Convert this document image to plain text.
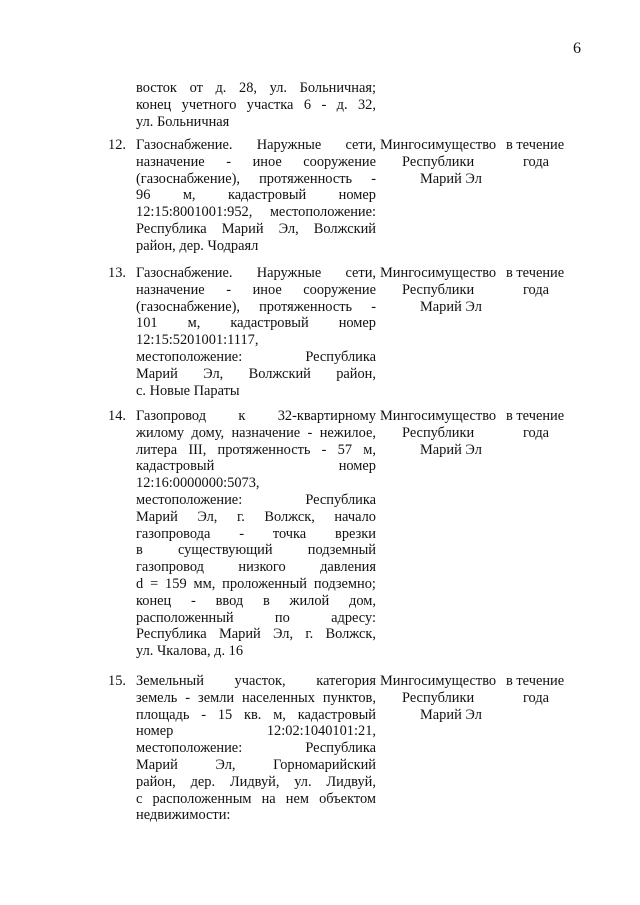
6
восток от д. 28, ул. Больничная;
конец учетного участка 6 - д. 32,
ул. Больничная
12. Газоснабжение. Наружные сети,
назначение - иное сооружение
(газоснабжение), протяженность -
96 м, кадастровый номер
12:15:8001001:952, местоположение:
Республика Марий Эл, Волжский
район, дер. Чодраял
Мингосимущество
Республики
Марий Эл
в течение
года
13. Газоснабжение. Наружные сети,
назначение - иное сооружение
(газоснабжение), протяженность -
101 м, кадастровый номер
12:15:5201001:1117,
местоположение:	Республика
Марий Эл, Волжский район,
с. Новые Параты
Мингосимущество
Республики
Марий Эл
в течение
года
14. Газопровод к 32-квартирному
жилому дому, назначение - нежилое,
литера III, протяженность - 57 м,
кадастровый	номер
12:16:0000000:5073,
местоположение:	Республика
Марий Эл, г. Волжск, начало
газопровода - точка врезки
в существующий подземный
газопровод низкого давления
d = 159 мм, проложенный подземно;
конец - ввод в жилой дом,
расположенный	по	адресу:
Республика Марий Эл, г. Волжск,
ул. Чкалова, д. 16
Мингосимущество
Республики
Марий Эл
в течение
года
15. Земельный участок, категория
земель - земли населенных пунктов,
площадь - 15 кв. м, кадастровый
номер	12:02:1040101:21,
местоположение:	Республика
Марий	Эл,	Горномарийский
район, дер. Лидвуй, ул. Лидвуй,
с расположенным на нем объектом
недвижимости:
Мингосимущество
Республики
Марий Эл
в течение
года
